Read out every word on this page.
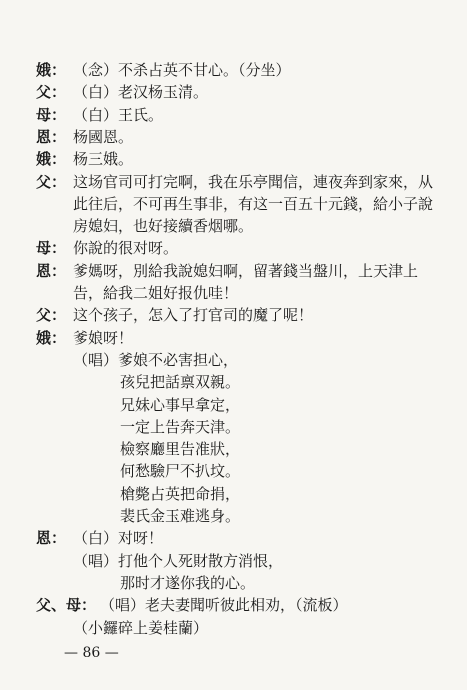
娥： （念）不杀占英不甘心。（分坐）
父： （白）老汉杨玉清。
母： （白）王氏。
恩： 杨國恩。
娥： 杨三娥。
父： 这场官司可打完啊，我在乐亭聞信，連夜奔到家來，从
此往后，不可再生事非，有这一百五十元錢，給小子說
房媳妇，也好接續香烟哪。
母： 你說的很对呀。
恩： 爹媽呀，別給我說媳妇啊，留著錢当盤川，上天津上
告，給我二姐好报仇哇！
父： 这个孩子，怎入了打官司的魔了呢！
娥： 爹娘呀！
（唱）爹娘不必害担心，
孩兒把話禀双親。
兄妹心事早拿定，
一定上告奔天津。
檢察廳里告准狀，
何愁驗尸不扒坟。
槍斃占英把命捐，
裴氏金玉难逃身。
恩： （白）对呀！
（唱）打他个人死財散方消恨，
那时才遂你我的心。
— 86 —
父、母： （唱）老夫妻聞听彼此相劝，（流板）
（小鑼碎上姜桂蘭）
